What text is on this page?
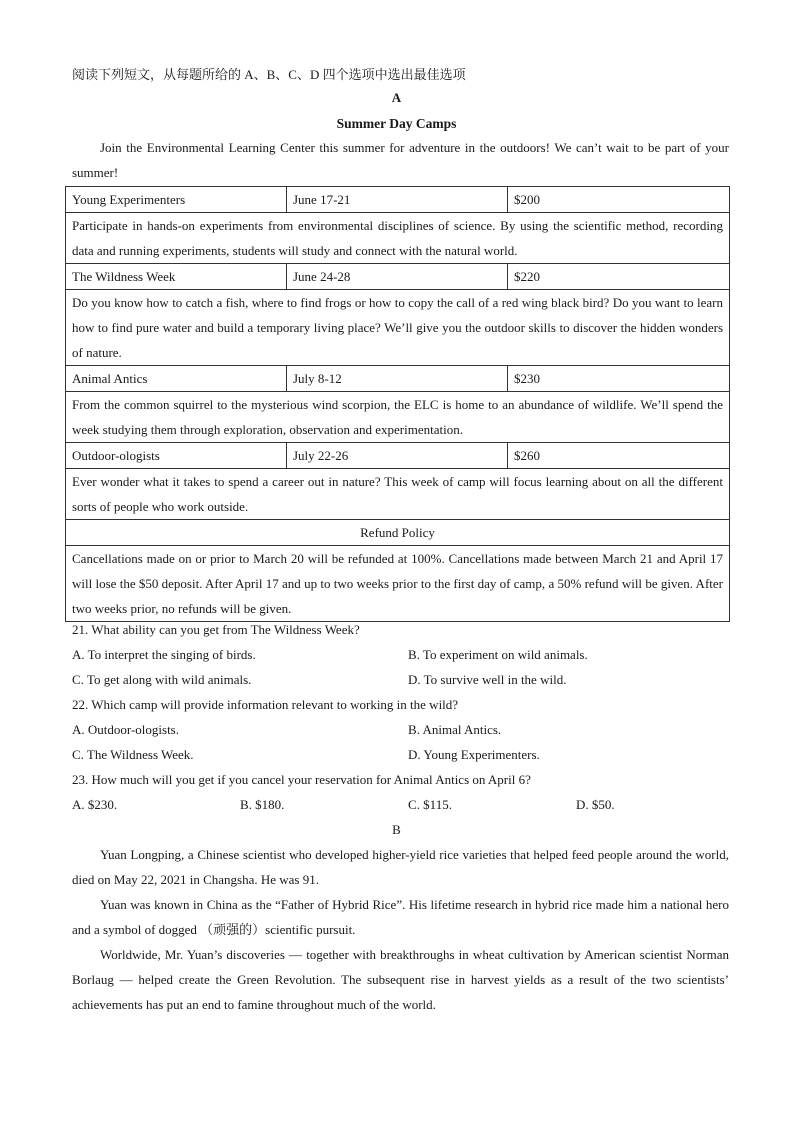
阅读下列短文，从每题所给的 A、B、C、D 四个选项中选出最佳选项
A
Summer Day Camps

Join the Environmental Learning Center this summer for adventure in the outdoors! We can’t wait to be part of your summer!

Young Experimenters	June 17-21	$200
Participate in hands-on experiments from environmental disciplines of science. By using the scientific method, recording data and running experiments, students will study and connect with the natural world.		
The Wildness Week	June 24-28	$220
Do you know how to catch a fish, where to find frogs or how to copy the call of a red wing black bird? Do you want to learn how to find pure water and build a temporary living place? We’ll give you the outdoor skills to discover the hidden wonders of nature.		
Animal Antics	July 8-12	$230
From the common squirrel to the mysterious wind scorpion, the ELC is home to an abundance of wildlife. We’ll spend the week studying them through exploration, observation and experimentation.		
Outdoor-ologists	July 22-26	$260
Ever wonder what it takes to spend a career out in nature? This week of camp will focus learning about on all the different sorts of people who work outside.		
Refund Policy		
Cancellations made on or prior to March 20 will be refunded at 100%. Cancellations made between March 21 and April 17 will lose the $50 deposit. After April 17 and up to two weeks prior to the first day of camp, a 50% refund will be given. After two weeks prior, no refunds will be given.		
21. What ability can you get from The Wildness Week?
A. To interpret the singing of birds.	B. To experiment on wild animals.
C. To get along with wild animals.	D. To survive well in the wild.
22. Which camp will provide information relevant to working in the wild?
A. Outdoor-ologists.	B. Animal Antics.
C. The Wildness Week.	D. Young Experimenters.
23. How much will you get if you cancel your reservation for Animal Antics on April 6?
A. $230.	B. $180.	C. $115.	D. $50.
B

Yuan Longping, a Chinese scientist who developed higher-yield rice varieties that helped feed people around the world, died on May 22, 2021 in Changsha. He was 91.

Yuan was known in China as the “Father of Hybrid Rice”. His lifetime research in hybrid rice made him a national hero and a symbol of dogged （顽强的）scientific pursuit.

Worldwide, Mr. Yuan’s discoveries — together with breakthroughs in wheat cultivation by American scientist Norman Borlaug — helped create the Green Revolution. The subsequent rise in harvest yields as a result of the two scientists’ achievements has put an end to famine throughout much of the world.
